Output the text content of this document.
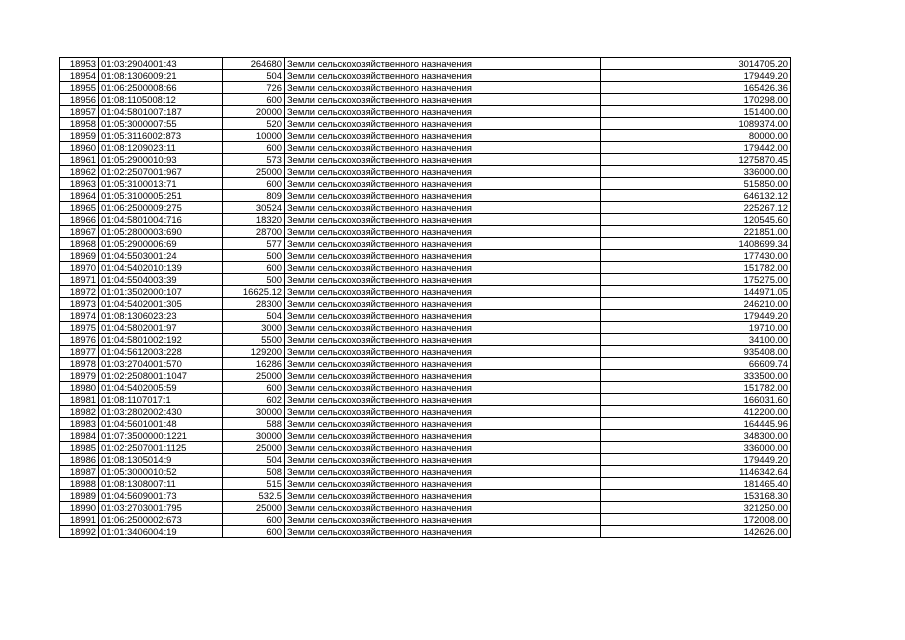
18953	01:03:2904001:43	264680	Земли сельскохозяйственного назначения	3014705.20
18954	01:08:1306009:21	504	Земли сельскохозяйственного назначения	179449.20
18955	01:06:2500008:66	726	Земли сельскохозяйственного назначения	165426.36
18956	01:08:1105008:12	600	Земли сельскохозяйственного назначения	170298.00
18957	01:04:5801007:187	20000	Земли сельскохозяйственного назначения	151400.00
18958	01:05:3000007:55	520	Земли сельскохозяйственного назначения	1089374.00
18959	01:05:3116002:873	10000	Земли сельскохозяйственного назначения	80000.00
18960	01:08:1209023:11	600	Земли сельскохозяйственного назначения	179442.00
18961	01:05:2900010:93	573	Земли сельскохозяйственного назначения	1275870.45
18962	01:02:2507001:967	25000	Земли сельскохозяйственного назначения	336000.00
18963	01:05:3100013:71	600	Земли сельскохозяйственного назначения	515850.00
18964	01:05:3100005:251	809	Земли сельскохозяйственного назначения	646132.12
18965	01:06:2500009:275	30524	Земли сельскохозяйственного назначения	225267.12
18966	01:04:5801004:716	18320	Земли сельскохозяйственного назначения	120545.60
18967	01:05:2800003:690	28700	Земли сельскохозяйственного назначения	221851.00
18968	01:05:2900006:69	577	Земли сельскохозяйственного назначения	1408699.34
18969	01:04:5503001:24	500	Земли сельскохозяйственного назначения	177430.00
18970	01:04:5402010:139	600	Земли сельскохозяйственного назначения	151782.00
18971	01:04:5504003:39	500	Земли сельскохозяйственного назначения	175275.00
18972	01:01:3502000:107	16625.12	Земли сельскохозяйственного назначения	144971.05
18973	01:04:5402001:305	28300	Земли сельскохозяйственного назначения	246210.00
18974	01:08:1306023:23	504	Земли сельскохозяйственного назначения	179449.20
18975	01:04:5802001:97	3000	Земли сельскохозяйственного назначения	19710.00
18976	01:04:5801002:192	5500	Земли сельскохозяйственного назначения	34100.00
18977	01:04:5612003:228	129200	Земли сельскохозяйственного назначения	935408.00
18978	01:03:2704001:570	16286	Земли сельскохозяйственного назначения	66609.74
18979	01:02:2508001:1047	25000	Земли сельскохозяйственного назначения	333500.00
18980	01:04:5402005:59	600	Земли сельскохозяйственного назначения	151782.00
18981	01:08:1107017:1	602	Земли сельскохозяйственного назначения	166031.60
18982	01:03:2802002:430	30000	Земли сельскохозяйственного назначения	412200.00
18983	01:04:5601001:48	588	Земли сельскохозяйственного назначения	164445.96
18984	01:07:3500000:1221	30000	Земли сельскохозяйственного назначения	348300.00
18985	01:02:2507001:1125	25000	Земли сельскохозяйственного назначения	336000.00
18986	01:08:1305014:9	504	Земли сельскохозяйственного назначения	179449.20
18987	01:05:3000010:52	508	Земли сельскохозяйственного назначения	1146342.64
18988	01:08:1308007:11	515	Земли сельскохозяйственного назначения	181465.40
18989	01:04:5609001:73	532.5	Земли сельскохозяйственного назначения	153168.30
18990	01:03:2703001:795	25000	Земли сельскохозяйственного назначения	321250.00
18991	01:06:2500002:673	600	Земли сельскохозяйственного назначения	172008.00
18992	01:01:3406004:19	600	Земли сельскохозяйственного назначения	142626.00
